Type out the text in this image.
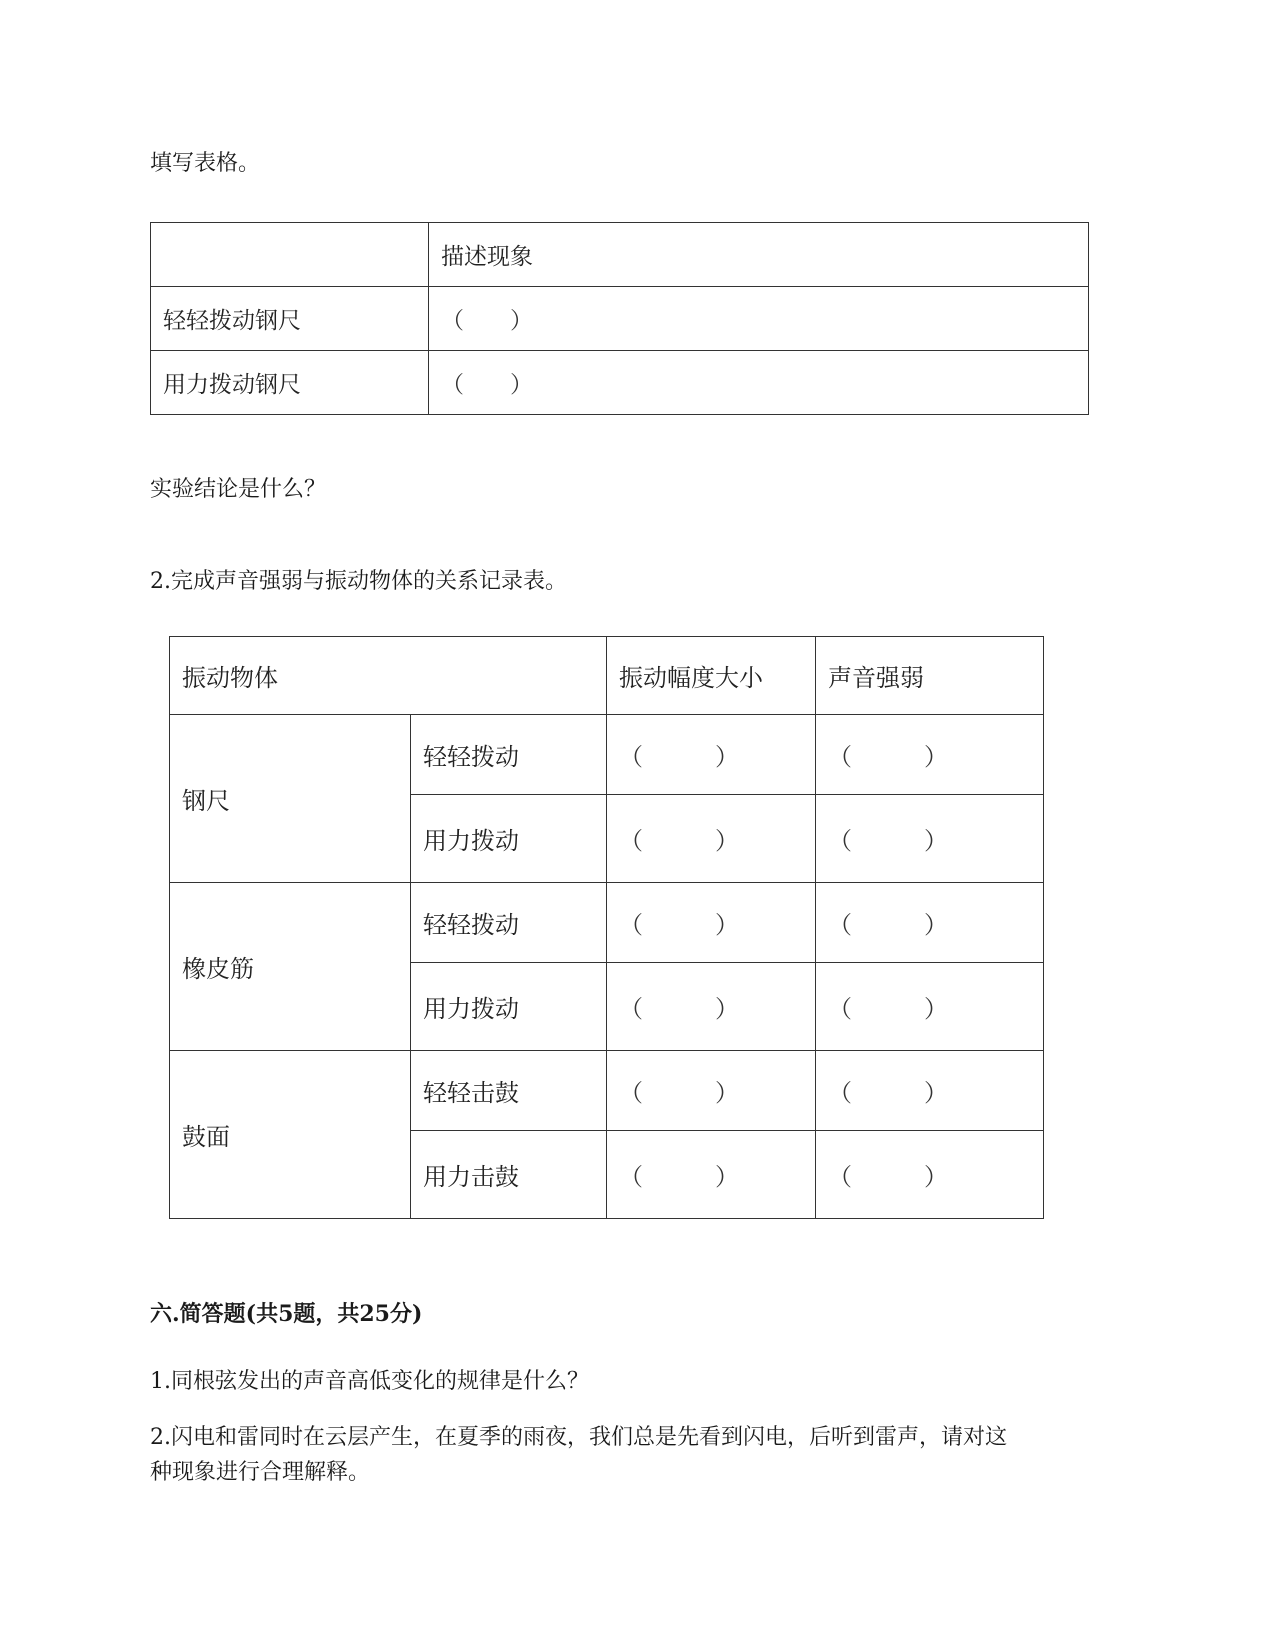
填写表格。

	描述现象
轻轻拨动钢尺	（　　）
用力拨动钢尺	（　　）

实验结论是什么？

2.完成声音强弱与振动物体的关系记录表。

振动物体		振动幅度大小	声音强弱
钢尺	轻轻拨动	（　　　）	（　　　）
	用力拨动	（　　　）	（　　　）
橡皮筋	轻轻拨动	（　　　）	（　　　）
	用力拨动	（　　　）	（　　　）
鼓面	轻轻击鼓	（　　　）	（　　　）
	用力击鼓	（　　　）	（　　　）

六.简答题(共5题，共25分)

1.同根弦发出的声音高低变化的规律是什么？

2.闪电和雷同时在云层产生，在夏季的雨夜，我们总是先看到闪电，后听到雷声，请对这
种现象进行合理解释。
